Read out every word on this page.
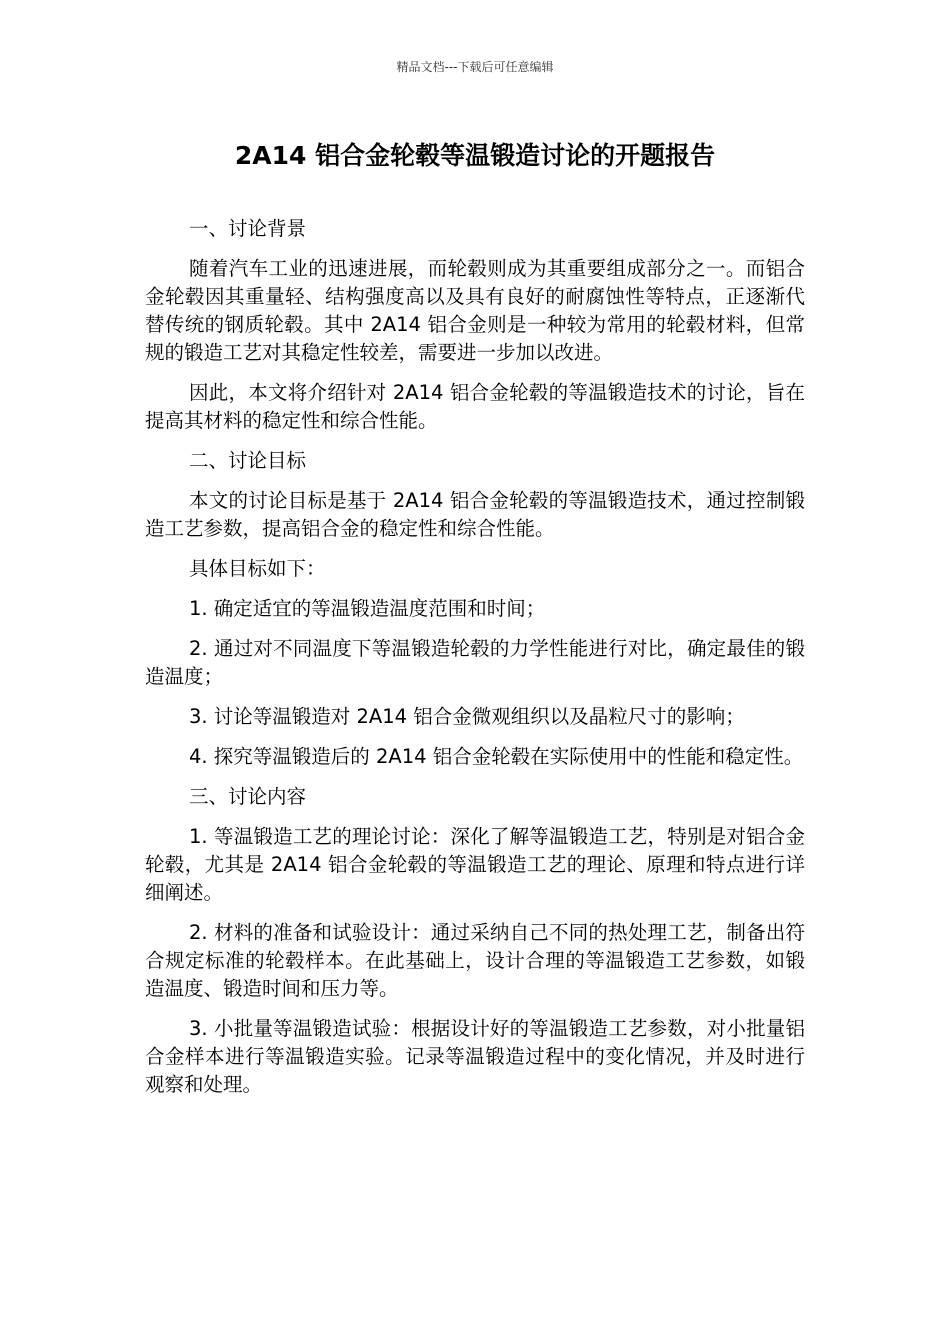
精品文档---下载后可任意编辑
2A14 铝合金轮毂等温锻造讨论的开题报告

一、讨论背景

随着汽车工业的迅速进展，而轮毂则成为其重要组成部分之一。而铝合金轮毂因其重量轻、结构强度高以及具有良好的耐腐蚀性等特点，正逐渐代替传统的钢质轮毂。其中 2A14 铝合金则是一种较为常用的轮毂材料，但常规的锻造工艺对其稳定性较差，需要进一步加以改进。

因此，本文将介绍针对 2A14 铝合金轮毂的等温锻造技术的讨论，旨在提高其材料的稳定性和综合性能。

二、讨论目标

本文的讨论目标是基于 2A14 铝合金轮毂的等温锻造技术，通过控制锻造工艺参数，提高铝合金的稳定性和综合性能。

具体目标如下：

1. 确定适宜的等温锻造温度范围和时间；

2. 通过对不同温度下等温锻造轮毂的力学性能进行对比，确定最佳的锻造温度；

3. 讨论等温锻造对 2A14 铝合金微观组织以及晶粒尺寸的影响；

4. 探究等温锻造后的 2A14 铝合金轮毂在实际使用中的性能和稳定性。

三、讨论内容

1. 等温锻造工艺的理论讨论：深化了解等温锻造工艺，特别是对铝合金轮毂，尤其是 2A14 铝合金轮毂的等温锻造工艺的理论、原理和特点进行详细阐述。

2. 材料的准备和试验设计：通过采纳自己不同的热处理工艺，制备出符合规定标准的轮毂样本。在此基础上，设计合理的等温锻造工艺参数，如锻造温度、锻造时间和压力等。

3. 小批量等温锻造试验：根据设计好的等温锻造工艺参数，对小批量铝合金样本进行等温锻造实验。记录等温锻造过程中的变化情况，并及时进行观察和处理。
